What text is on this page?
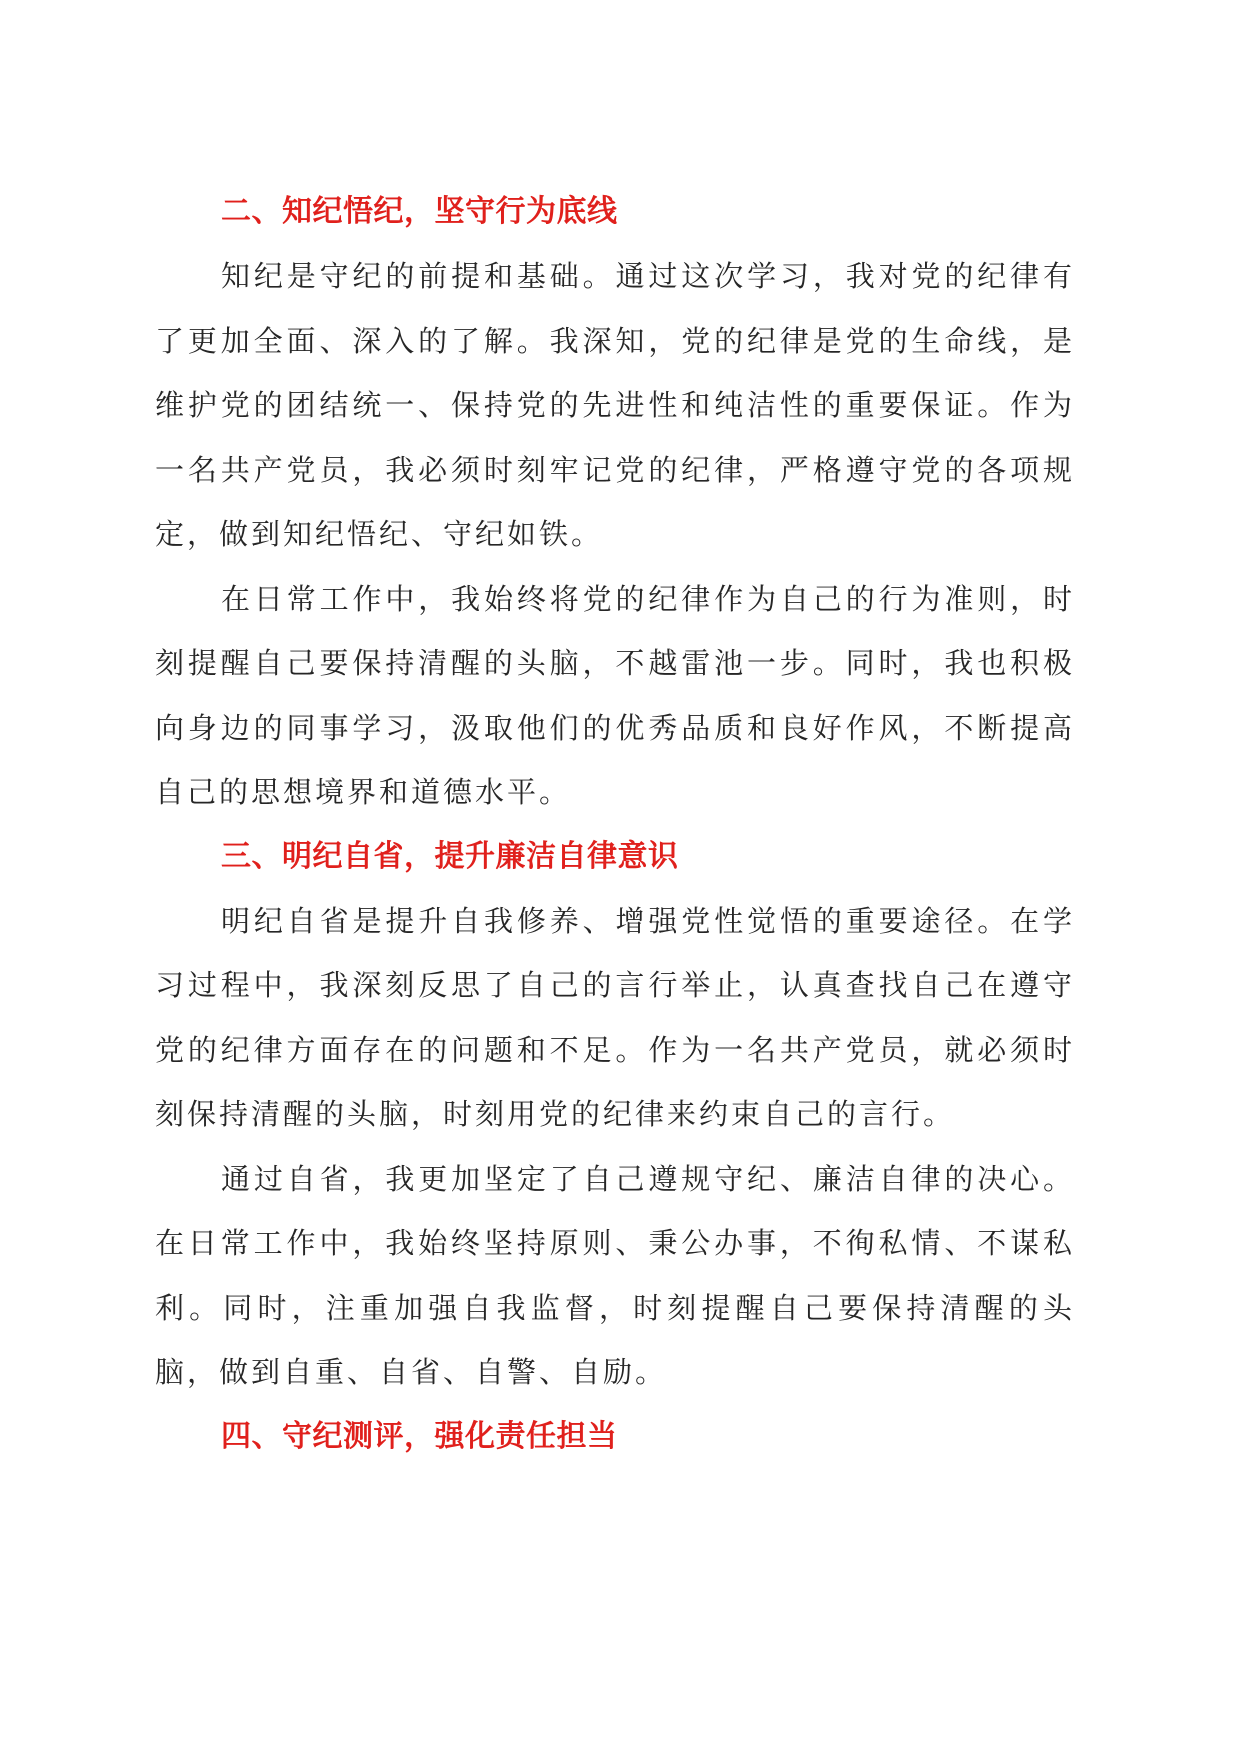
二、知纪悟纪，坚守行为底线

知纪是守纪的前提和基础。通过这次学习，我对党的纪律有了更加全面、深入的了解。我深知，党的纪律是党的生命线，是维护党的团结统一、保持党的先进性和纯洁性的重要保证。作为一名共产党员，我必须时刻牢记党的纪律，严格遵守党的各项规定，做到知纪悟纪、守纪如铁。

在日常工作中，我始终将党的纪律作为自己的行为准则，时刻提醒自己要保持清醒的头脑，不越雷池一步。同时，我也积极向身边的同事学习，汲取他们的优秀品质和良好作风，不断提高自己的思想境界和道德水平。

三、明纪自省，提升廉洁自律意识

明纪自省是提升自我修养、增强党性觉悟的重要途径。在学习过程中，我深刻反思了自己的言行举止，认真查找自己在遵守党的纪律方面存在的问题和不足。作为一名共产党员，就必须时刻保持清醒的头脑，时刻用党的纪律来约束自己的言行。

通过自省，我更加坚定了自己遵规守纪、廉洁自律的决心。在日常工作中，我始终坚持原则、秉公办事，不徇私情、不谋私利。同时，注重加强自我监督，时刻提醒自己要保持清醒的头脑，做到自重、自省、自警、自励。

四、守纪测评，强化责任担当
